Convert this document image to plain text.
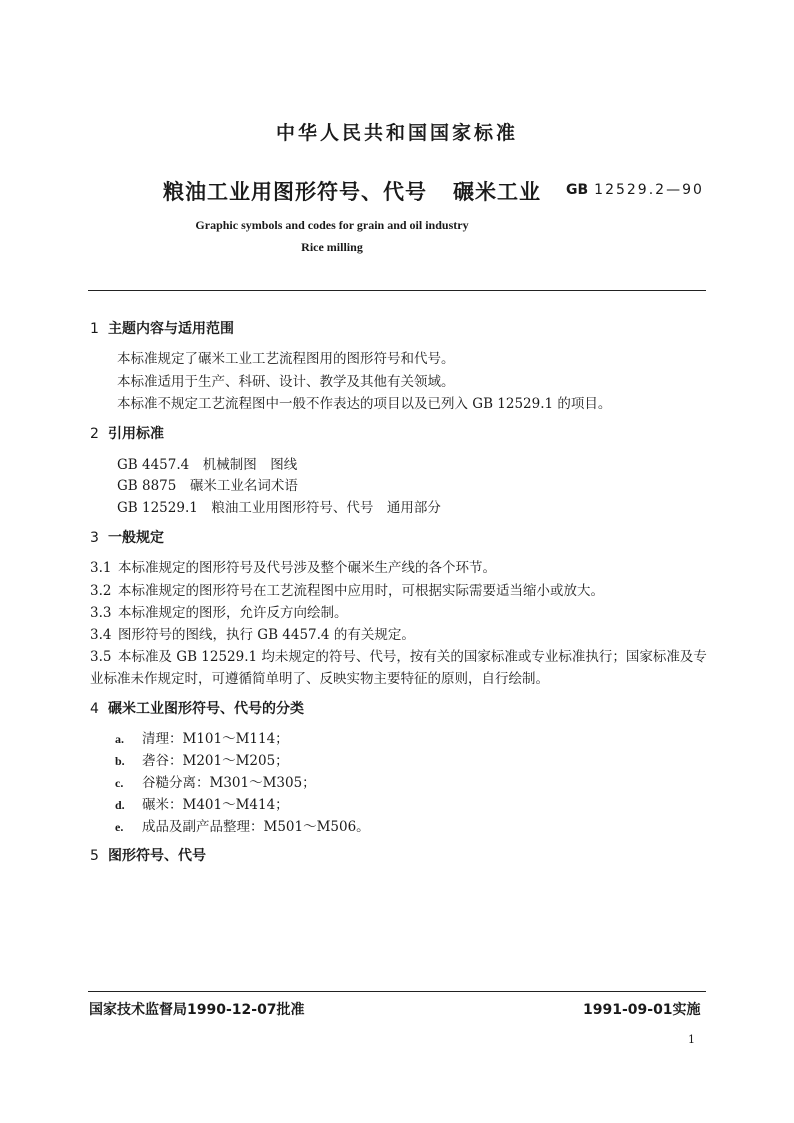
中华人民共和国国家标准
粮油工业用图形符号、代号 碾米工业 GB 12529.2—90
Graphic symbols and codes for grain and oil industry
Rice milling
1 主题内容与适用范围
本标准规定了碾米工业工艺流程图用的图形符号和代号。
本标准适用于生产、科研、设计、教学及其他有关领域。
本标准不规定工艺流程图中一般不作表达的项目以及已列入 GB 12529.1 的项目。
2 引用标准
GB 4457.4　机械制图　图线
GB 8875　碾米工业名词术语
GB 12529.1　粮油工业用图形符号、代号　通用部分
3 一般规定
3.1 本标准规定的图形符号及代号涉及整个碾米生产线的各个环节。
3.2 本标准规定的图形符号在工艺流程图中应用时，可根据实际需要适当缩小或放大。
3.3 本标准规定的图形，允许反方向绘制。
3.4 图形符号的图线，执行 GB 4457.4 的有关规定。
3.5 本标准及 GB 12529.1 均未规定的符号、代号，按有关的国家标准或专业标准执行；国家标准及专
业标准未作规定时，可遵循简单明了、反映实物主要特征的原则，自行绘制。
4 碾米工业图形符号、代号的分类
a. 清理：M101～M114；
b. 砻谷：M201～M205；
c. 谷糙分离：M301～M305；
d. 碾米：M401～M414；
e. 成品及副产品整理：M501～M506。
5 图形符号、代号
国家技术监督局1990-12-07批准	1991-09-01实施
1
